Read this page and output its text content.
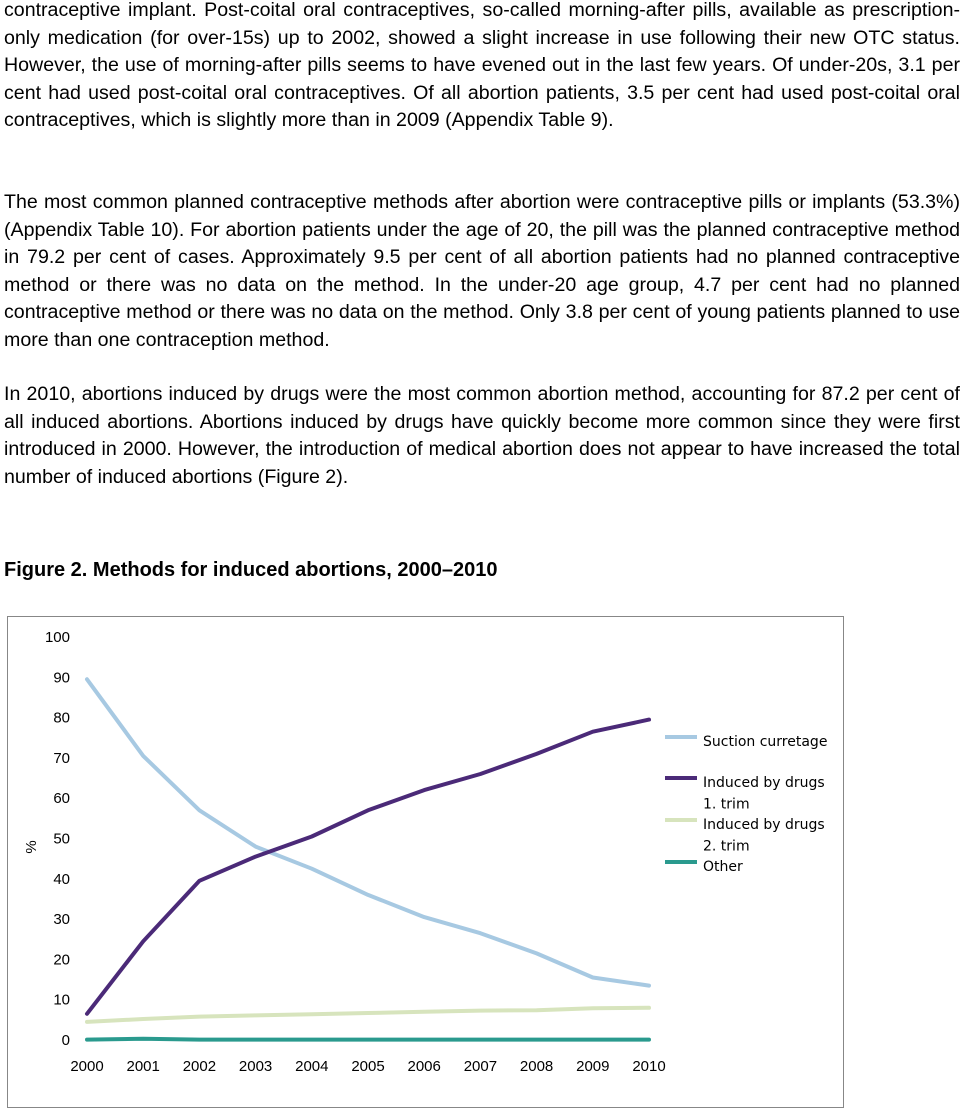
contraceptive implant. Post-coital oral contraceptives, so-called morning-after pills, available as prescription-only medication (for over-15s) up to 2002, showed a slight increase in use following their new OTC status. However, the use of morning-after pills seems to have evened out in the last few years. Of under-20s, 3.1 per cent had used post-coital oral contraceptives. Of all abortion patients, 3.5 per cent had used post-coital oral contraceptives, which is slightly more than in 2009 (Appendix Table 9).

The most common planned contraceptive methods after abortion were contraceptive pills or implants (53.3%) (Appendix Table 10). For abortion patients under the age of 20, the pill was the planned contraceptive method in 79.2 per cent of cases. Approximately 9.5 per cent of all abortion patients had no planned contraceptive method or there was no data on the method. In the under-20 age group, 4.7 per cent had no planned contraceptive method or there was no data on the method. Only 3.8 per cent of young patients planned to use more than one contraception method.

In 2010, abortions induced by drugs were the most common abortion method, accounting for 87.2 per cent of all induced abortions. Abortions induced by drugs have quickly become more common since they were first introduced in 2000. However, the introduction of medical abortion does not appear to have increased the total number of induced abortions (Figure 2).

Figure 2. Methods for induced abortions, 2000–2010

0
10
20
30
40
50
60
70
80
90
100
2000 2001 2002 2003 2004 2005 2006 2007 2008 2009 2010
%
Suction curretage
Induced by drugs
1. trim
Induced by drugs
2. trim
Other
